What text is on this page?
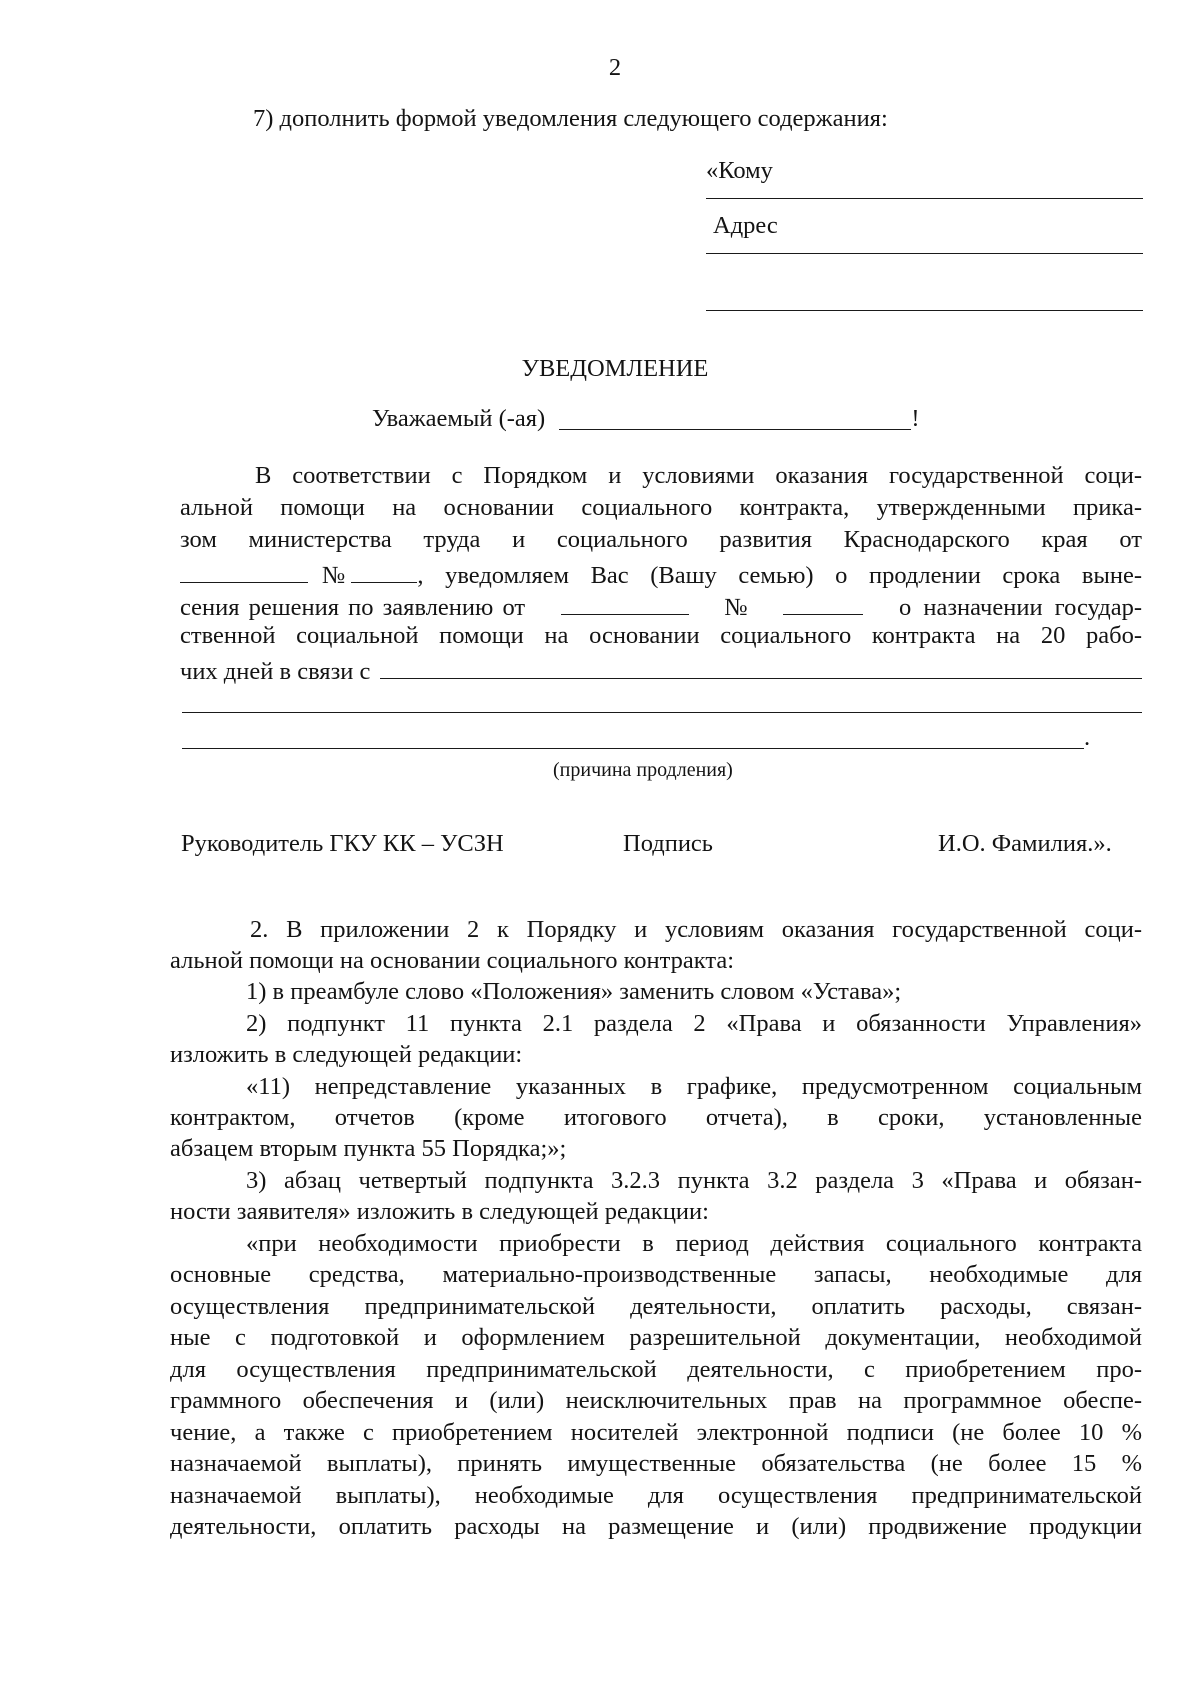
2
7) дополнить формой уведомления следующего содержания:
«Кому
Адрес
УВЕДОМЛЕНИЕ
Уважаемый (-ая)	!
В соответствии с Порядком и условиями оказания государственной соци-
альной помощи на основании социального контракта, утвержденными прика-
зом министерства труда и социального развития Краснодарского края от
№	, уведомляем Вас (Вашу семью) о продлении срока выне-
сения решения по заявлению от	№	о назначении государ-
ственной социальной помощи на основании социального контракта на 20 рабо-
чих дней в связи с
.
(причина продления)
Руководитель ГКУ КК – УСЗН	Подпись	И.О. Фамилия.».
2. В приложении 2 к Порядку и условиям оказания государственной соци-
альной помощи на основании социального контракта:
1) в преамбуле слово «Положения» заменить словом «Устава»;
2) подпункт 11 пункта 2.1 раздела 2 «Права и обязанности Управления»
изложить в следующей редакции:
«11) непредставление указанных в графике, предусмотренном социальным
контрактом, отчетов (кроме итогового отчета), в сроки, установленные
абзацем вторым пункта 55 Порядка;»;
3) абзац четвертый подпункта 3.2.3 пункта 3.2 раздела 3 «Права и обязан-
ности заявителя» изложить в следующей редакции:
«при необходимости приобрести в период действия социального контракта
основные средства, материально-производственные запасы, необходимые для
осуществления предпринимательской деятельности, оплатить расходы, связан-
ные с подготовкой и оформлением разрешительной документации, необходимой
для осуществления предпринимательской деятельности, с приобретением про-
граммного обеспечения и (или) неисключительных прав на программное обеспе-
чение, а также с приобретением носителей электронной подписи (не более 10 %
назначаемой выплаты), принять имущественные обязательства (не более 15 %
назначаемой выплаты), необходимые для осуществления предпринимательской
деятельности, оплатить расходы на размещение и (или) продвижение продукции
